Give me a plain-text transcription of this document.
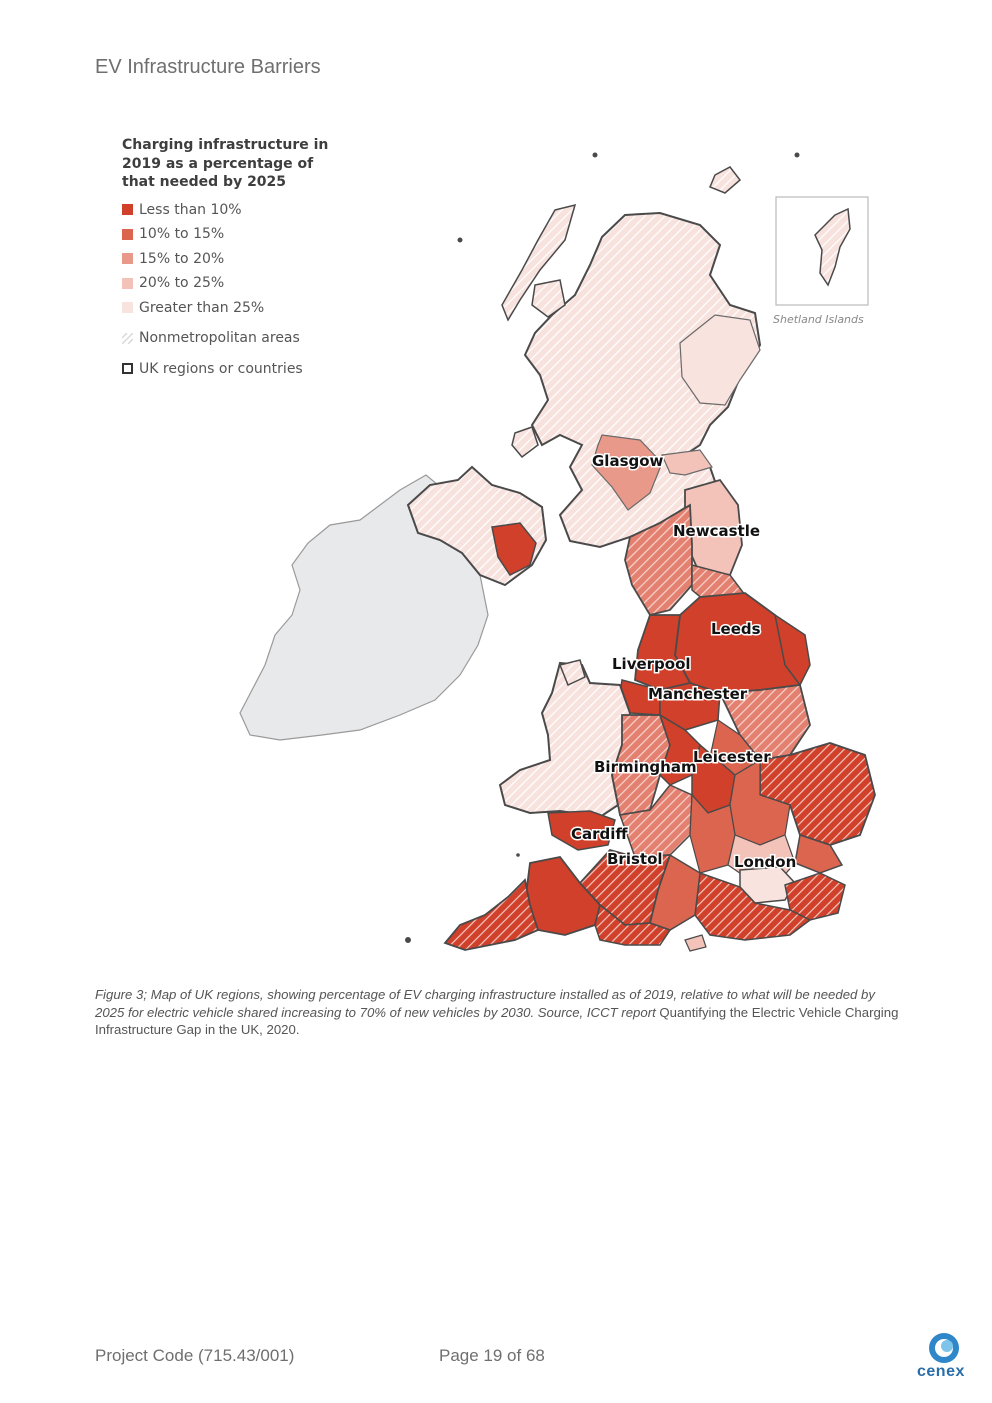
EV Infrastructure Barriers
Charging infrastructure in
2019 as a percentage of
that needed by 2025
Less than 10%
10% to 15%
15% to 20%
20% to 25%
Greater than 25%
Nonmetropolitan areas
UK regions or countries
Shetland Islands
Glasgow
Newcastle
Leeds
Liverpool
Manchester
Leicester
Birmingham
Cardiff
Bristol	London
Figure 3; Map of UK regions, showing percentage of EV charging infrastructure installed as of 2019, relative to what will be needed by 2025 for electric vehicle shared increasing to 70% of new vehicles by 2030. Source, ICCT report Quantifying the Electric Vehicle Charging Infrastructure Gap in the UK, 2020.
Project Code (715.43/001)	Page 19 of 68
cenex
